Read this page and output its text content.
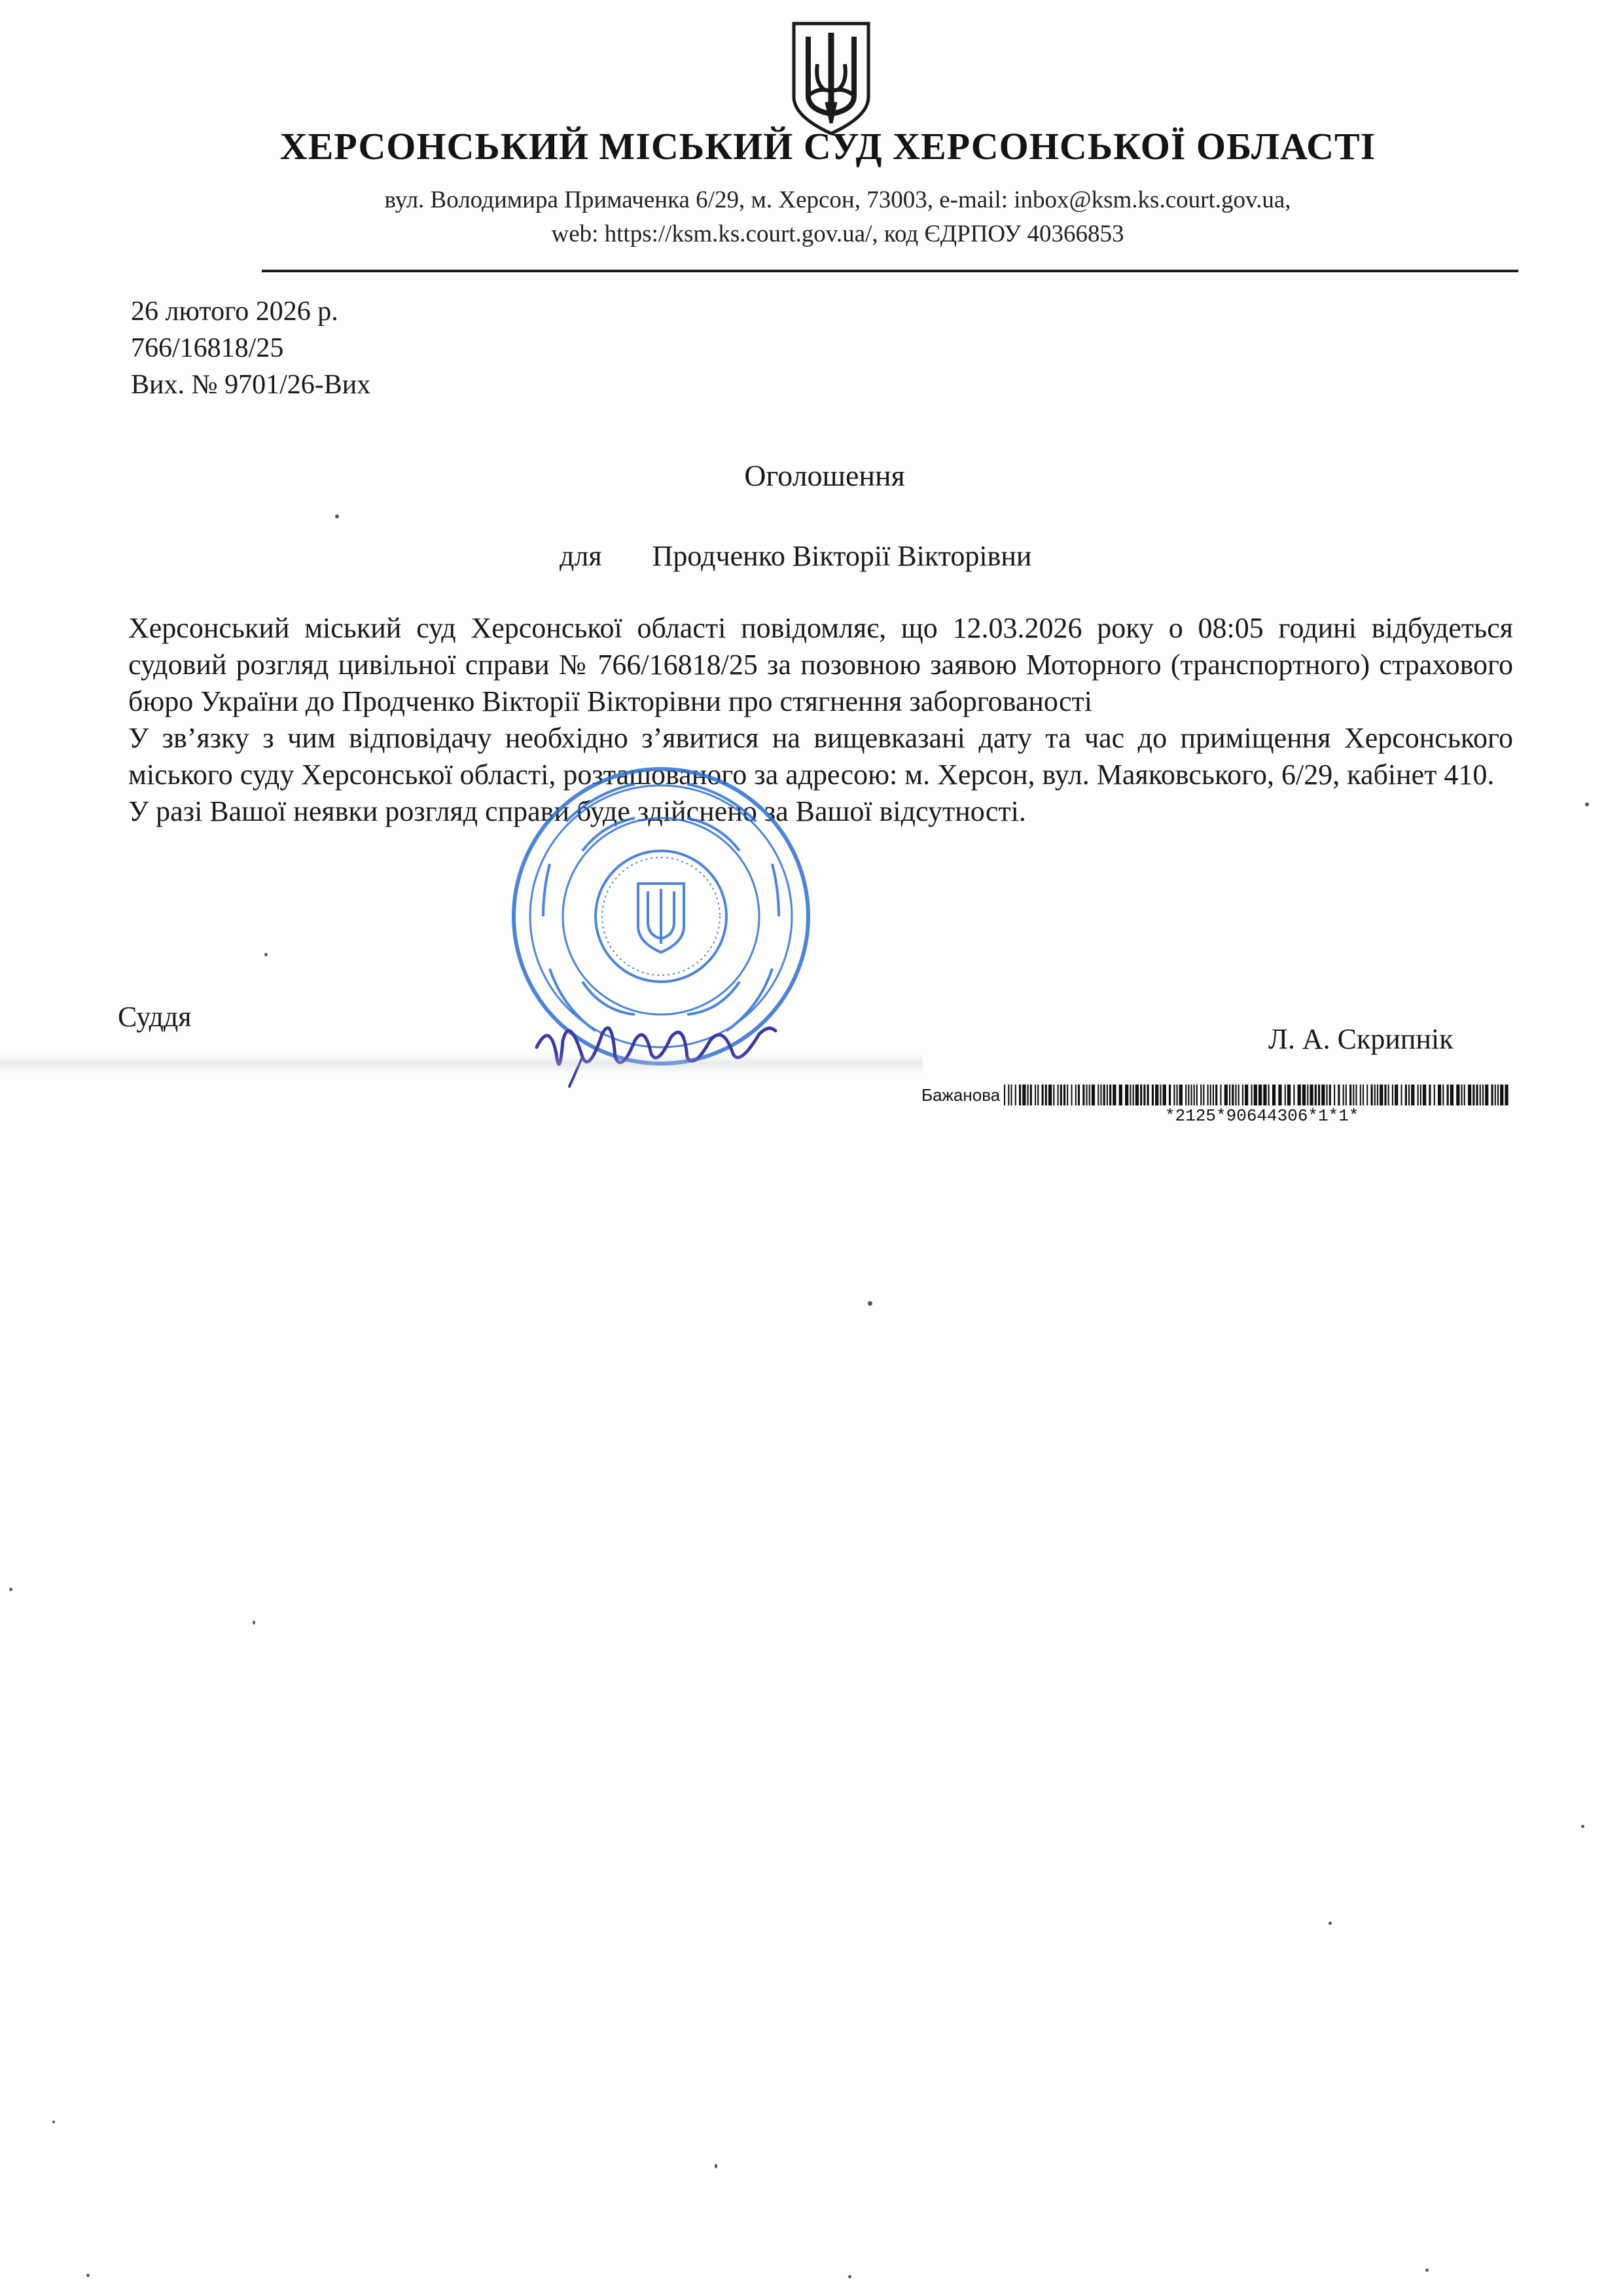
ХЕРСОНСЬКИЙ МІСЬКИЙ СУД ХЕРСОНСЬКОЇ ОБЛАСТІ
вул. Володимира Примаченка 6/29, м. Херсон, 73003, e-mail: inbox@ksm.ks.court.gov.ua,
web: https://ksm.ks.court.gov.ua/, код ЄДРПОУ 40366853
26 лютого 2026 р.
766/16818/25
Вих. № 9701/26-Вих
Оголошення
для Продченко Вікторії Вікторівни

Херсонський міський суд Херсонської області повідомляє, що 12.03.2026 року о 08:05 годині відбудеться судовий розгляд цивільної справи № 766/16818/25 за позовною заявою Моторного (транспортного) страхового бюро України до Продченко Вікторії Вікторівни про стягнення заборгованості

У зв’язку з чим відповідачу необхідно з’явитися на вищевказані дату та час до приміщення Херсонського міського суду Херсонської області, розташованого за адресою: м. Херсон, вул. Маяковського, 6/29, кабінет 410.

У разі Вашої неявки розгляд справи буде здійснено за Вашої відсутності.

Суддя
Л. А. Скрипнік
Бажанова
*2125*90644306*1*1*
